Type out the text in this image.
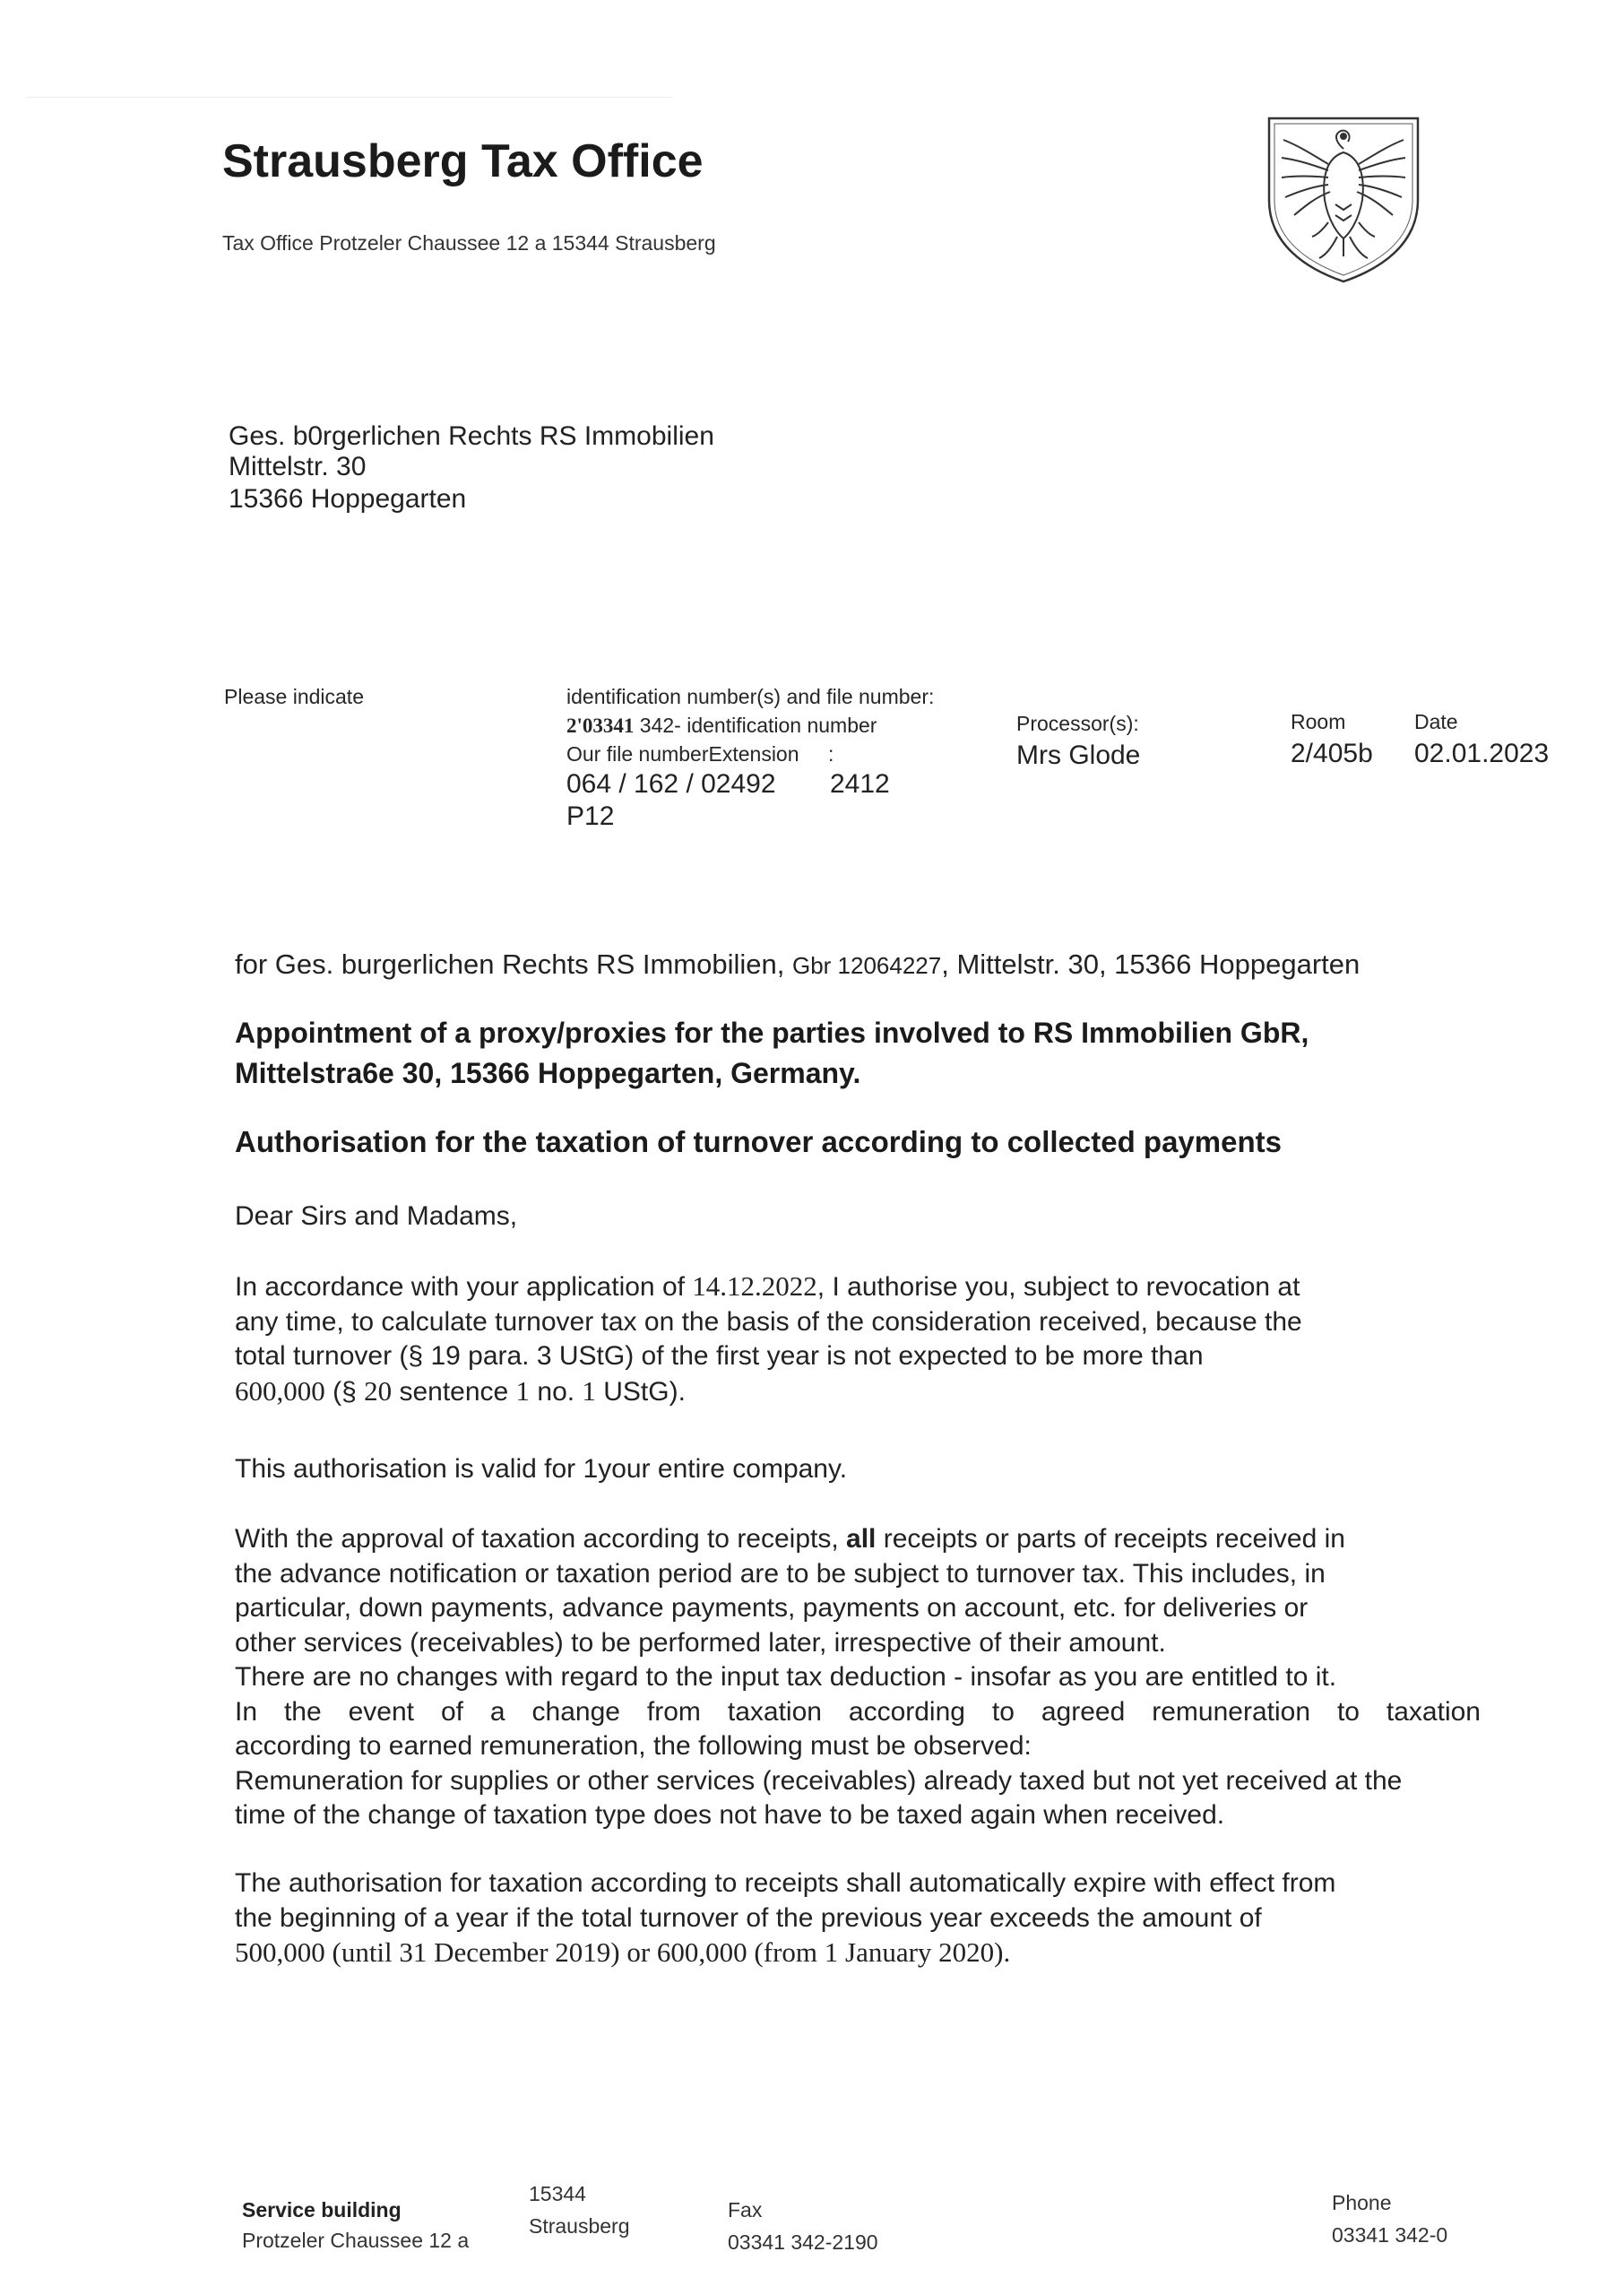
Strausberg Tax Office
Tax Office Protzeler Chaussee 12 a 15344 Strausberg
Ges. b0rgerlichen Rechts RS Immobilien
Mittelstr. 30
15366 Hoppegarten
Please indicate	identification number(s) and file number:
2'03341 342- identification number
Our file numberExtension :
064 / 162 / 02492 2412
P12
Processor(s):
Mrs Glode
Room
2/405b
Date
02.01.2023
for Ges. burgerlichen Rechts RS Immobilien, Gbr 12064227, Mittelstr. 30, 15366 Hoppegarten
Appointment of a proxy/proxies for the parties involved to RS Immobilien GbR,
Mittelstra6e 30, 15366 Hoppegarten, Germany.
Authorisation for the taxation of turnover according to collected payments
Dear Sirs and Madams,
In accordance with your application of 14.12.2022, I authorise you, subject to revocation at
any time, to calculate turnover tax on the basis of the consideration received, because the
total turnover (§ 19 para. 3 UStG) of the first year is not expected to be more than
600,000 (§ 20 sentence 1 no. 1 UStG).
This authorisation is valid for 1your entire company.
With the approval of taxation according to receipts, all receipts or parts of receipts received in
the advance notification or taxation period are to be subject to turnover tax. This includes, in
particular, down payments, advance payments, payments on account, etc. for deliveries or
other services (receivables) to be performed later, irrespective of their amount.
There are no changes with regard to the input tax deduction - insofar as you are entitled to it.
In the event of a change from taxation according to agreed remuneration to taxation
according to earned remuneration, the following must be observed:
Remuneration for supplies or other services (receivables) already taxed but not yet received at the
time of the change of taxation type does not have to be taxed again when received.
The authorisation for taxation according to receipts shall automatically expire with effect from
the beginning of a year if the total turnover of the previous year exceeds the amount of
500,000 (until 31 December 2019) or 600,000 (from 1 January 2020).
Service building
Protzeler Chaussee 12 a
15344
Strausberg
Fax
03341 342-2190
Phone
03341 342-0
